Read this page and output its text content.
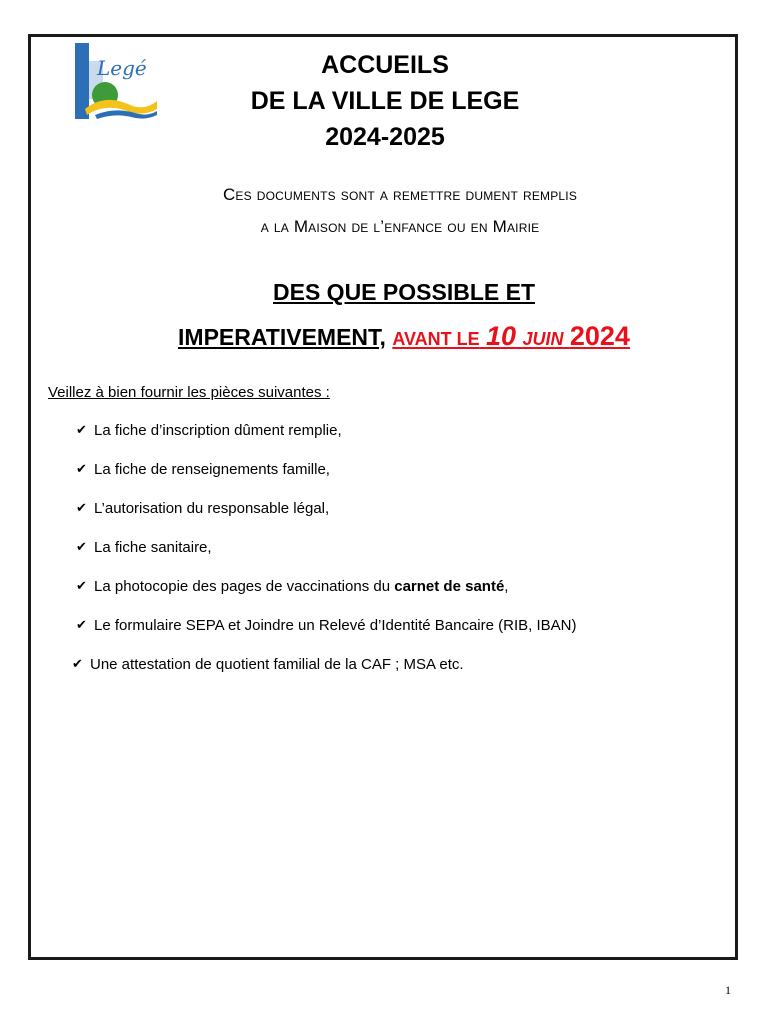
Legé	ACCUEILS
DE LA VILLE DE LEGE
2024-2025
Ces documents sont a remettre dument remplis
a la Maison de l’enfance ou en Mairie
DES QUE POSSIBLE ET
IMPERATIVEMENT, AVANT LE 10 JUIN 2024
Veillez à bien fournir les pièces suivantes :
✔ La fiche d’inscription dûment remplie,
✔ La fiche de renseignements famille,
✔ L’autorisation du responsable légal,
✔ La fiche sanitaire,
✔ La photocopie des pages de vaccinations du carnet de santé,
✔ Le formulaire SEPA et Joindre un Relevé d’Identité Bancaire (RIB, IBAN)
✔ Une attestation de quotient familial de la CAF ; MSA etc.
1
